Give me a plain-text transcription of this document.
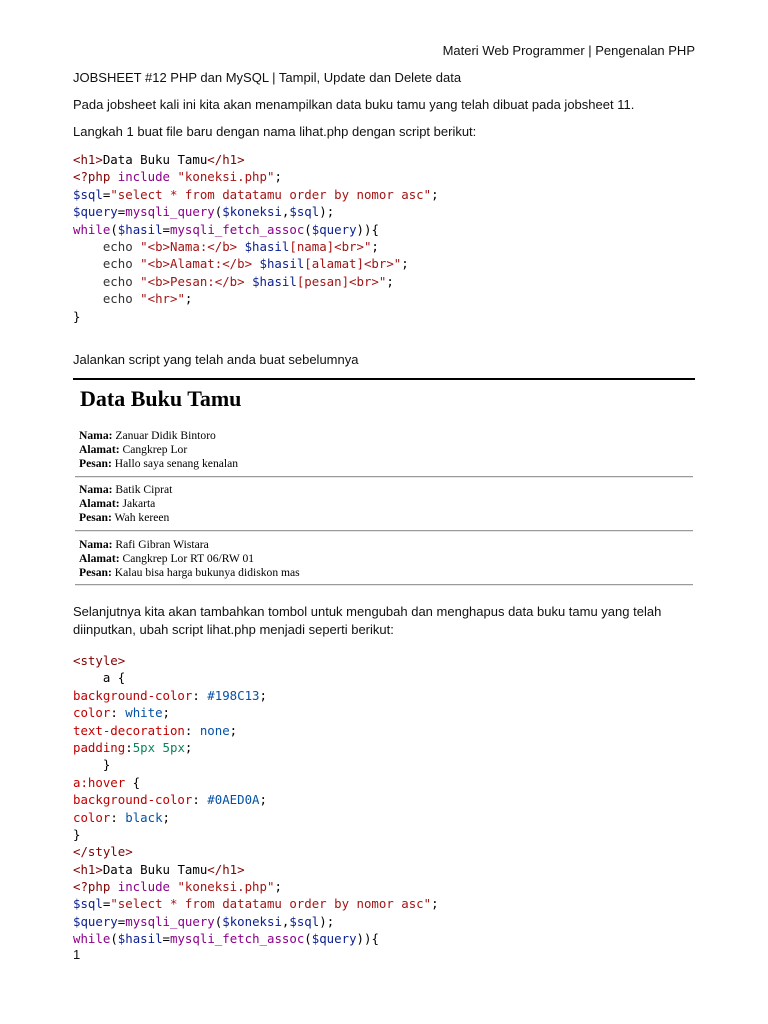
Materi Web Programmer | Pengenalan PHP
JOBSHEET #12 PHP dan MySQL | Tampil, Update dan Delete data
Pada jobsheet kali ini kita akan menampilkan data buku tamu yang telah dibuat pada jobsheet 11.
Langkah 1 buat file baru dengan nama lihat.php dengan script berikut:
<h1>Data Buku Tamu</h1>
<?php include "koneksi.php";
$sql="select * from datatamu order by nomor asc";
$query=mysqli_query($koneksi,$sql);
while($hasil=mysqli_fetch_assoc($query)){
echo "<b>Nama:</b> $hasil[nama]<br>";
echo "<b>Alamat:</b> $hasil[alamat]<br>";
echo "<b>Pesan:</b> $hasil[pesan]<br>";
echo "<hr>";
}
Jalankan script yang telah anda buat sebelumnya
Data Buku Tamu
Nama: Zanuar Didik Bintoro
Alamat: Cangkrep Lor
Pesan: Hallo saya senang kenalan
Nama: Batik Ciprat
Alamat: Jakarta
Pesan: Wah kereen
Nama: Rafi Gibran Wistara
Alamat: Cangkrep Lor RT 06/RW 01
Pesan: Kalau bisa harga bukunya didiskon mas
Selanjutnya kita akan tambahkan tombol untuk mengubah dan menghapus data buku tamu yang telah
diinputkan, ubah script lihat.php menjadi seperti berikut:
<style>
a {
background-color: #198C13;
color: white;
text-decoration: none;
padding:5px 5px;
}
a:hover {
background-color: #0AED0A;
color: black;
}
</style>
<h1>Data Buku Tamu</h1>
<?php include "koneksi.php";
$sql="select * from datatamu order by nomor asc";
$query=mysqli_query($koneksi,$sql);
while($hasil=mysqli_fetch_assoc($query)){
1
